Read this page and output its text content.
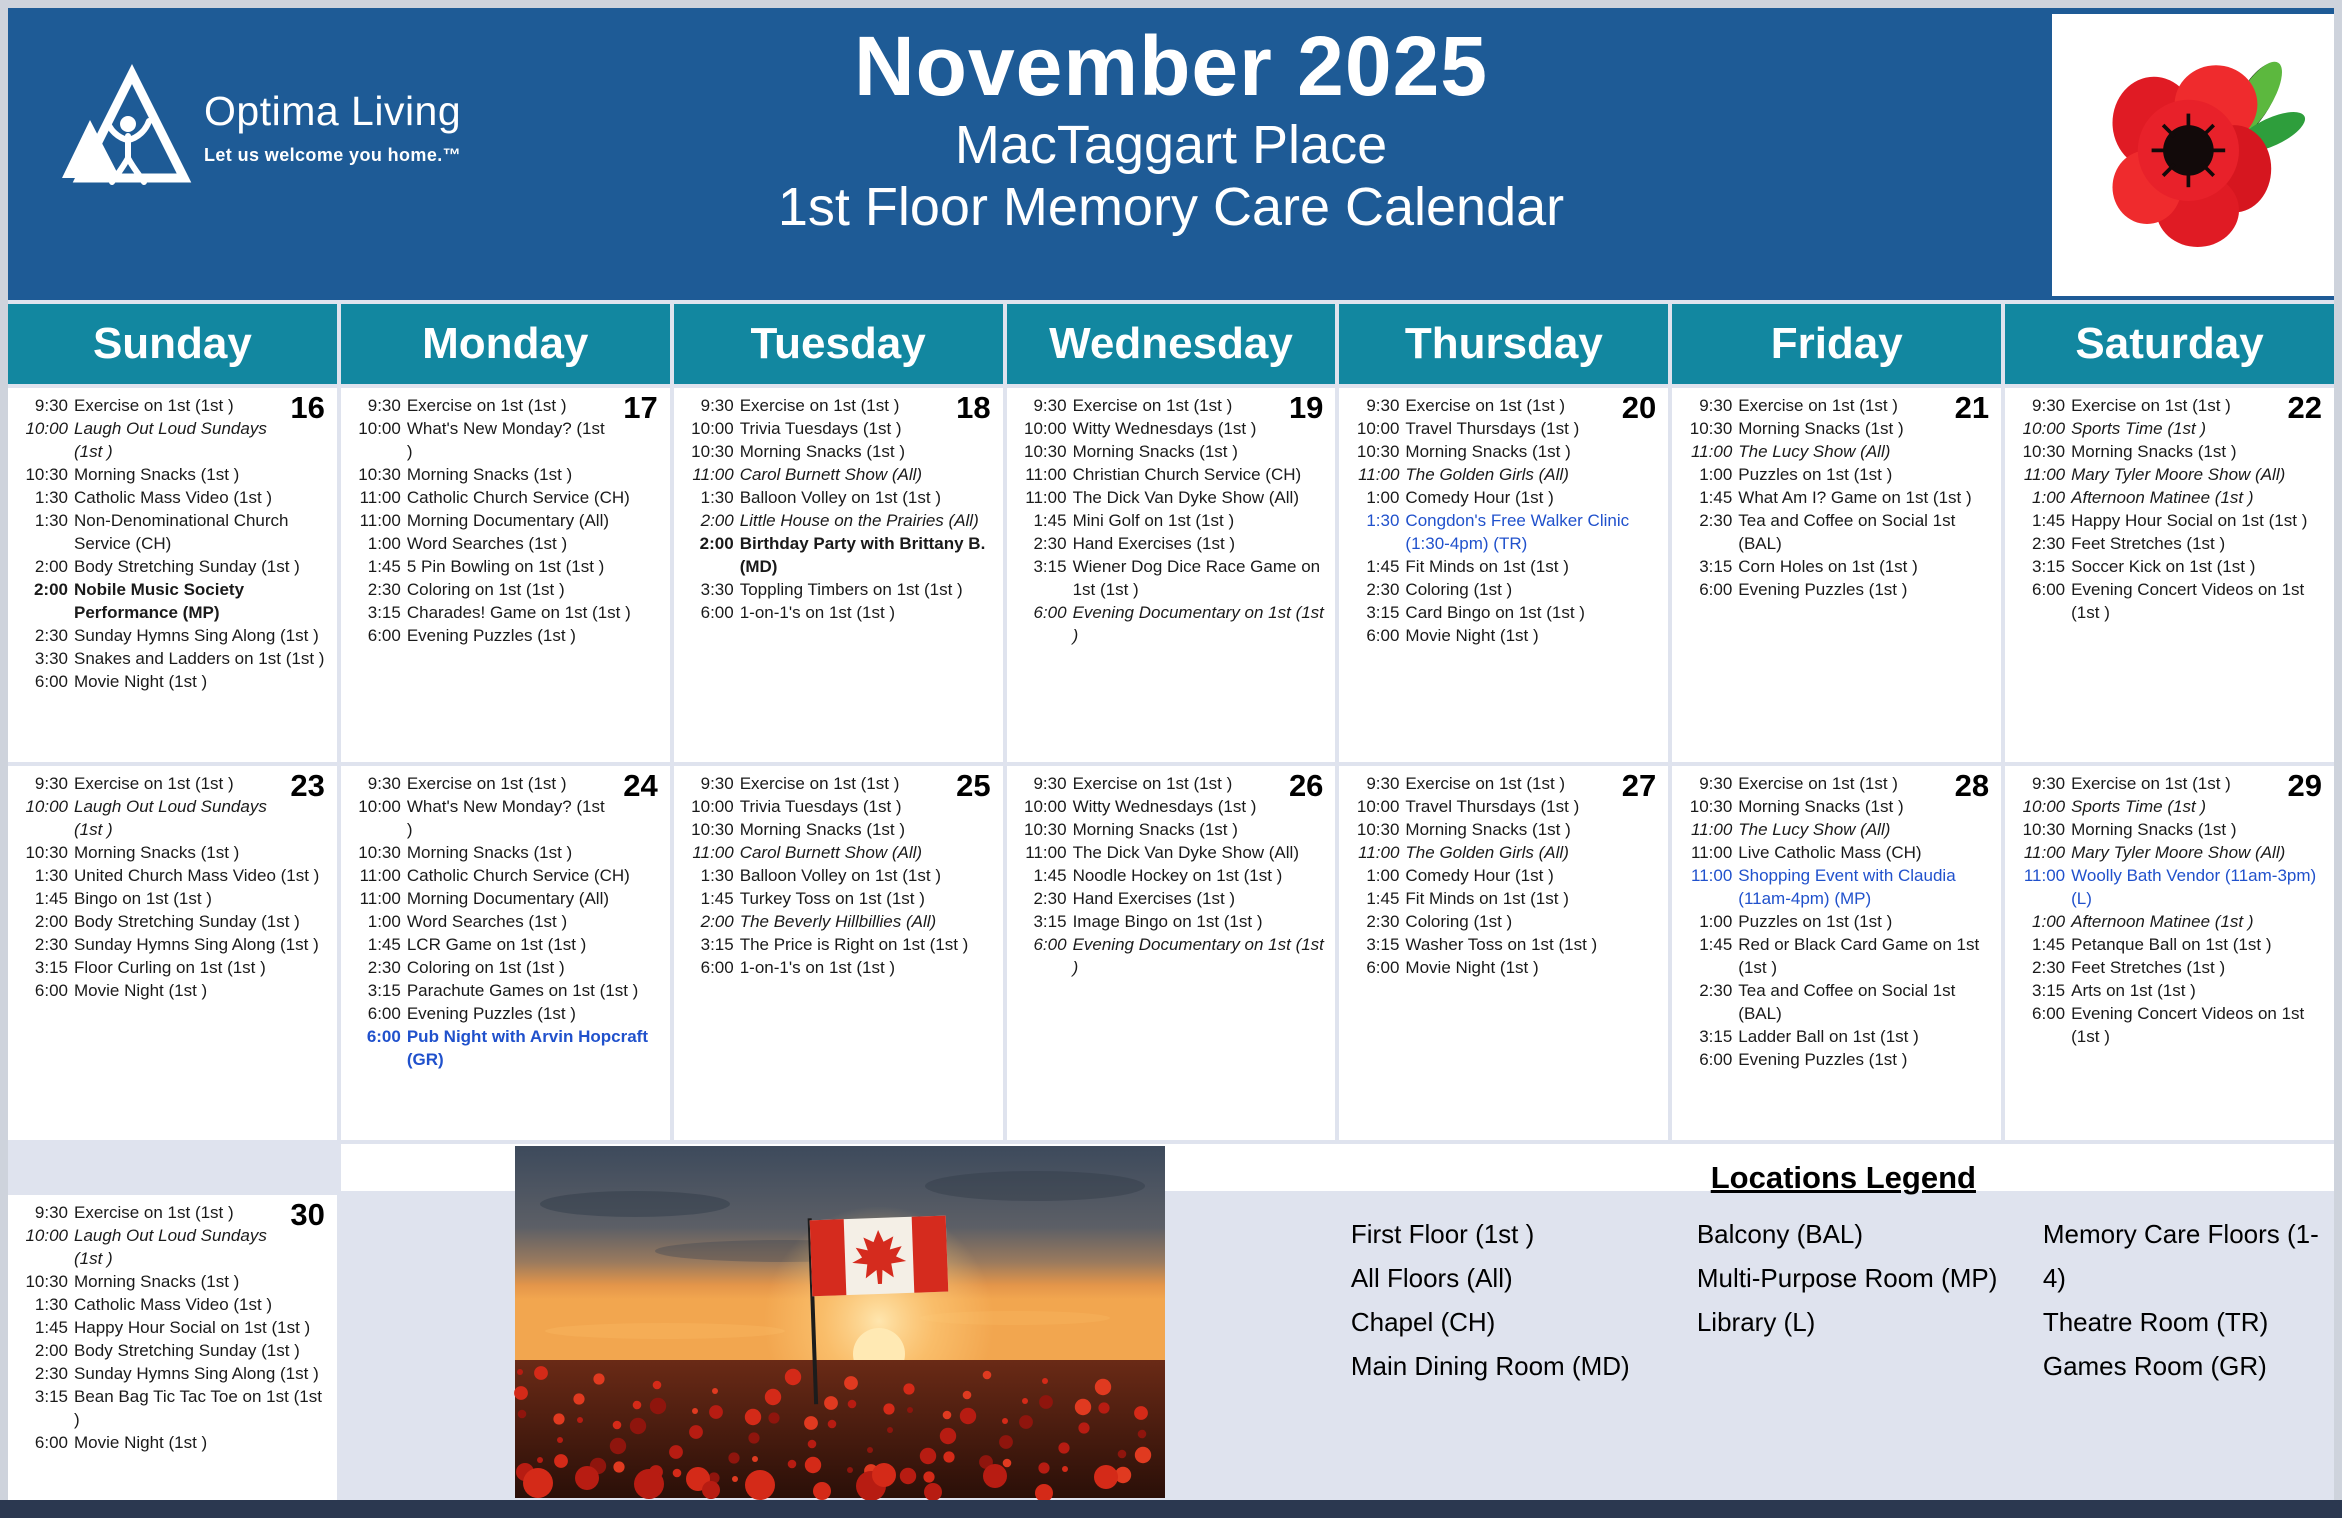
Optima Living
Let us welcome you home.™
November 2025
MacTaggart Place
1st Floor Memory Care Calendar
Sunday	Monday	Tuesday	Wednesday	Thursday	Friday	Saturday
16
9:30 Exercise on 1st (1st )
10:00 Laugh Out Loud Sundays (1st )
10:30 Morning Snacks (1st )
1:30 Catholic Mass Video (1st )
1:30 Non-Denominational Church Service (CH)
2:00 Body Stretching Sunday (1st )
2:00 Nobile Music Society Performance (MP)
2:30 Sunday Hymns Sing Along (1st )
3:30 Snakes and Ladders on 1st (1st )
6:00 Movie Night (1st )
17
9:30 Exercise on 1st (1st )
10:00 What's New Monday? (1st )
10:30 Morning Snacks (1st )
11:00 Catholic Church Service (CH)
11:00 Morning Documentary (All)
1:00 Word Searches (1st )
1:45 5 Pin Bowling on 1st (1st )
2:30 Coloring on 1st (1st )
3:15 Charades! Game on 1st (1st )
6:00 Evening Puzzles (1st )
18
9:30 Exercise on 1st (1st )
10:00 Trivia Tuesdays (1st )
10:30 Morning Snacks (1st )
11:00 Carol Burnett Show (All)
1:30 Balloon Volley on 1st (1st )
2:00 Little House on the Prairies (All)
2:00 Birthday Party with Brittany B. (MD)
3:30 Toppling Timbers on 1st (1st )
6:00 1-on-1's on 1st (1st )
19
9:30 Exercise on 1st (1st )
10:00 Witty Wednesdays (1st )
10:30 Morning Snacks (1st )
11:00 Christian Church Service (CH)
11:00 The Dick Van Dyke Show (All)
1:45 Mini Golf on 1st (1st )
2:30 Hand Exercises (1st )
3:15 Wiener Dog Dice Race Game on 1st (1st )
6:00 Evening Documentary on 1st (1st )
20
9:30 Exercise on 1st (1st )
10:00 Travel Thursdays (1st )
10:30 Morning Snacks (1st )
11:00 The Golden Girls (All)
1:00 Comedy Hour (1st )
1:30 Congdon's Free Walker Clinic (1:30-4pm) (TR)
1:45 Fit Minds on 1st (1st )
2:30 Coloring (1st )
3:15 Card Bingo on 1st (1st )
6:00 Movie Night (1st )
21
9:30 Exercise on 1st (1st )
10:30 Morning Snacks (1st )
11:00 The Lucy Show (All)
1:00 Puzzles on 1st (1st )
1:45 What Am I? Game on 1st (1st )
2:30 Tea and Coffee on Social 1st (BAL)
3:15 Corn Holes on 1st (1st )
6:00 Evening Puzzles (1st )
22
9:30 Exercise on 1st (1st )
10:00 Sports Time (1st )
10:30 Morning Snacks (1st )
11:00 Mary Tyler Moore Show (All)
1:00 Afternoon Matinee (1st )
1:45 Happy Hour Social on 1st (1st )
2:30 Feet Stretches (1st )
3:15 Soccer Kick on 1st (1st )
6:00 Evening Concert Videos on 1st (1st )
23
9:30 Exercise on 1st (1st )
10:00 Laugh Out Loud Sundays (1st )
10:30 Morning Snacks (1st )
1:30 United Church Mass Video (1st )
1:45 Bingo on 1st (1st )
2:00 Body Stretching Sunday (1st )
2:30 Sunday Hymns Sing Along (1st )
3:15 Floor Curling on 1st (1st )
6:00 Movie Night (1st )
24
9:30 Exercise on 1st (1st )
10:00 What's New Monday? (1st )
10:30 Morning Snacks (1st )
11:00 Catholic Church Service (CH)
11:00 Morning Documentary (All)
1:00 Word Searches (1st )
1:45 LCR Game on 1st (1st )
2:30 Coloring on 1st (1st )
3:15 Parachute Games on 1st (1st )
6:00 Evening Puzzles (1st )
6:00 Pub Night with Arvin Hopcraft (GR)
25
9:30 Exercise on 1st (1st )
10:00 Trivia Tuesdays (1st )
10:30 Morning Snacks (1st )
11:00 Carol Burnett Show (All)
1:30 Balloon Volley on 1st (1st )
1:45 Turkey Toss on 1st (1st )
2:00 The Beverly Hillbillies (All)
3:15 The Price is Right on 1st (1st )
6:00 1-on-1's on 1st (1st )
26
9:30 Exercise on 1st (1st )
10:00 Witty Wednesdays (1st )
10:30 Morning Snacks (1st )
11:00 The Dick Van Dyke Show (All)
1:45 Noodle Hockey on 1st (1st )
2:30 Hand Exercises (1st )
3:15 Image Bingo on 1st (1st )
6:00 Evening Documentary on 1st (1st )
27
9:30 Exercise on 1st (1st )
10:00 Travel Thursdays (1st )
10:30 Morning Snacks (1st )
11:00 The Golden Girls (All)
1:00 Comedy Hour (1st )
1:45 Fit Minds on 1st (1st )
2:30 Coloring (1st )
3:15 Washer Toss on 1st (1st )
6:00 Movie Night (1st )
28
9:30 Exercise on 1st (1st )
10:30 Morning Snacks (1st )
11:00 The Lucy Show (All)
11:00 Live Catholic Mass (CH)
11:00 Shopping Event with Claudia (11am-4pm) (MP)
1:00 Puzzles on 1st (1st )
1:45 Red or Black Card Game on 1st (1st )
2:30 Tea and Coffee on Social 1st (BAL)
3:15 Ladder Ball on 1st (1st )
6:00 Evening Puzzles (1st )
29
9:30 Exercise on 1st (1st )
10:00 Sports Time (1st )
10:30 Morning Snacks (1st )
11:00 Mary Tyler Moore Show (All)
11:00 Woolly Bath Vendor (11am-3pm) (L)
1:00 Afternoon Matinee (1st )
1:45 Petanque Ball on 1st (1st )
2:30 Feet Stretches (1st )
3:15 Arts on 1st (1st )
6:00 Evening Concert Videos on 1st (1st )
Locations Legend
First Floor (1st )
All Floors (All)
Chapel (CH)
Main Dining Room (MD)
Balcony (BAL)
Multi-Purpose Room (MP)
Library (L)
Memory Care Floors (1-4)
Theatre Room (TR)
Games Room (GR)
30
9:30 Exercise on 1st (1st )
10:00 Laugh Out Loud Sundays (1st )
10:30 Morning Snacks (1st )
1:30 Catholic Mass Video (1st )
1:45 Happy Hour Social on 1st (1st )
2:00 Body Stretching Sunday (1st )
2:30 Sunday Hymns Sing Along (1st )
3:15 Bean Bag Tic Tac Toe on 1st (1st )
6:00 Movie Night (1st )
